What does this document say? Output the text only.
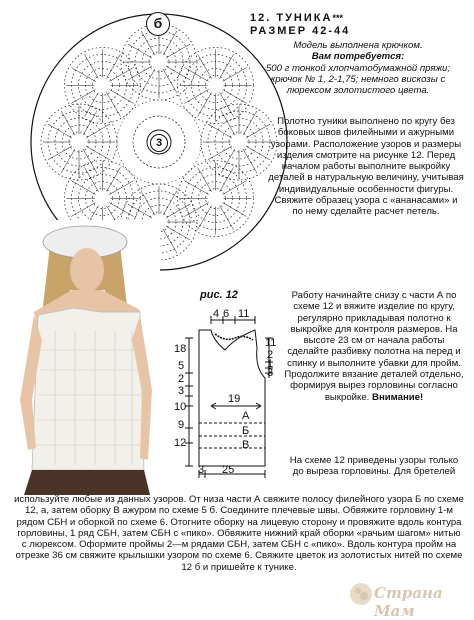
б
3
12. ТУНИКА***
РАЗМЕР 42-44
Модель выполнена крючком.
Вам потребуется:
500 г тонкой хлопчатобумажной пряжи; крючок № 1, 2-1,75; немного вискозы с люрексом золотистого цвета.
Полотно туники выполнено по кругу без боковых швов филейными и ажурными узорами. Расположение узоров и размеры изделия смотрите на рисунке 12. Перед началом работы выполните выкройку деталей в натуральную величину, учитывая индивидуальные особенности фигуры. Свяжите образец узора с «ананасами» и по нему сделайте расчет петель.
рис. 12
4 6 11
18
5
2
3
10
9
12
11
2
1
3
19
А
Б
В
3 25
Работу начинайте снизу с части А по схеме 12 и вяжите изделие по кругу, регулярно прикладывая полотно к выкройке для контроля размеров. На высоте 23 см от начала работы сделайте разбивку полотна на перед и спинку и выполните убавки для пройм. Продолжите вязание деталей отдельно, формируя вырез горловины согласно выкройке. Внимание!
На схеме 12 приведены узоры только до выреза горловины. Для бретелей
используйте любые из данных узоров. От низа части А свяжите полосу филейного узора Б по схеме 12, а, затем оборку В ажуром по схеме 5 б. Соедините плечевые швы. Обвяжите горловину 1-м рядом СБН и оборкой по схеме 6. Отогните оборку на лицевую сторону и провяжите вдоль контура горловины, 1 ряд СБН, затем СБН с «пико». Обвяжите нижний край оборки «рачьим шагом» нитью с люрексом. Оформите проймы 2—м рядами СБН, затем СБН с «пико». Вдоль контура пройм на отрезке 36 см свяжите крылышки узором по схеме 6. Свяжите цветок из золотистых нитей по схеме 12 б и пришейте к тунике.
Страна Мам
